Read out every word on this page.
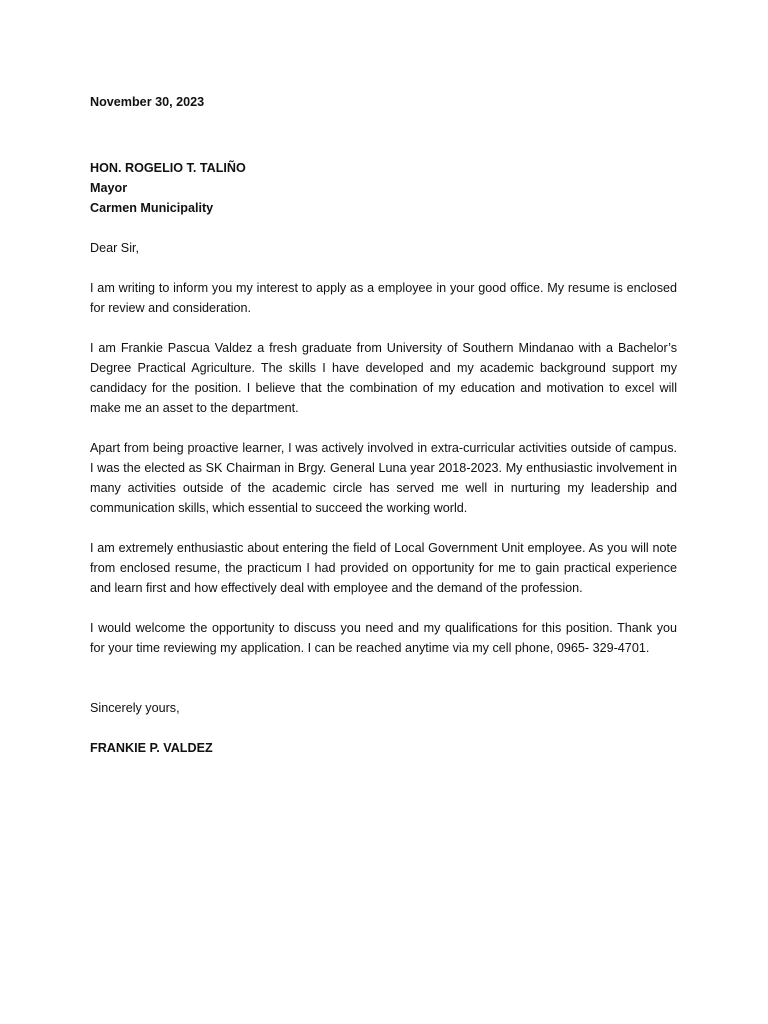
November 30, 2023

HON. ROGELIO T. TALIÑO
Mayor
Carmen Municipality

Dear Sir,

I am writing to inform you my interest to apply as a employee in your good office. My resume is enclosed for review and consideration.

I am Frankie Pascua Valdez a fresh graduate from University of Southern Mindanao with a Bachelor’s Degree Practical Agriculture. The skills I have developed and my academic background support my candidacy for the position. I believe that the combination of my education and motivation to excel will make me an asset to the department.

Apart from being proactive learner, I was actively involved in extra-curricular activities outside of campus. I was the elected as SK Chairman in Brgy. General Luna year 2018-2023. My enthusiastic involvement in many activities outside of the academic circle has served me well in nurturing my leadership and communication skills, which essential to succeed the working world.

I am extremely enthusiastic about entering the field of Local Government Unit employee. As you will note from enclosed resume, the practicum I had provided on opportunity for me to gain practical experience and learn first and how effectively deal with employee and the demand of the profession.

I would welcome the opportunity to discuss you need and my qualifications for this position. Thank you for your time reviewing my application. I can be reached anytime via my cell phone, 0965- 329-4701.

Sincerely yours,

FRANKIE P. VALDEZ
